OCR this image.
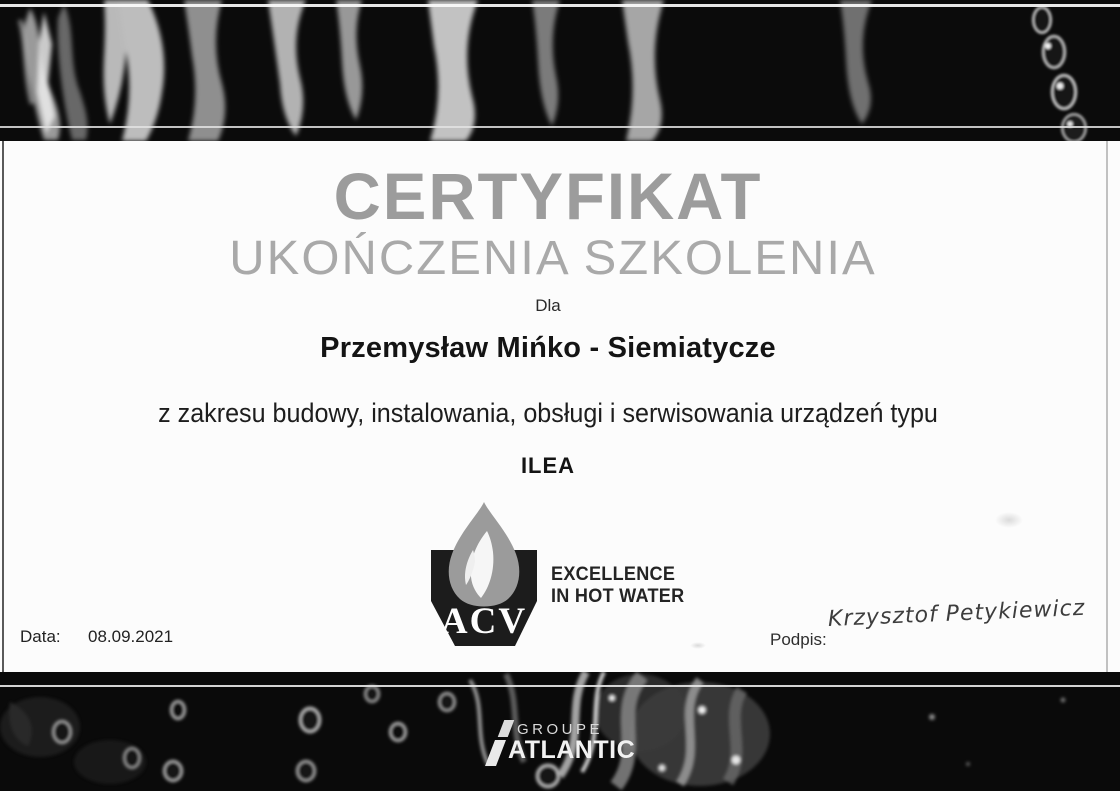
CERTYFIKAT
UKOŃCZENIA SZKOLENIA
Dla
Przemysław Mińko - Siemiatycze
z zakresu budowy, instalowania, obsługi i serwisowania urządzeń typu
ILEA
ACV
EXCELLENCE
IN HOT WATER
Data: 08.09.2021	Podpis:
Krzysztof Petykiewicz
GROUPE
ATLANTIC
